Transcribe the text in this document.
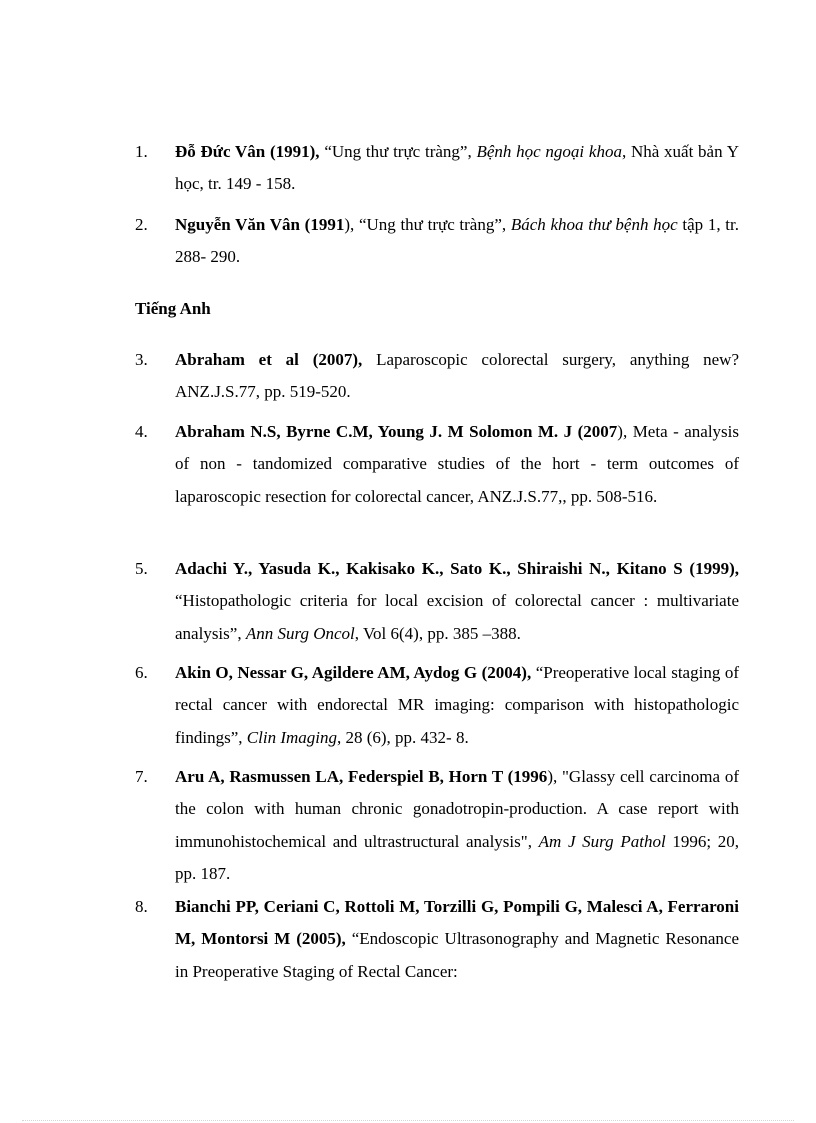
1.	Đỗ Đức Vân (1991), “Ung thư trực tràng”, Bệnh học ngoại khoa, Nhà xuất bản Y học, tr. 149 - 158.
2.	Nguyễn Văn Vân (1991), “Ung thư trực tràng”, Bách khoa thư bệnh học tập 1, tr. 288- 290.
Tiếng Anh
3.	Abraham et al (2007), Laparoscopic colorectal surgery, anything new? ANZ.J.S.77, pp. 519-520.
4.	Abraham N.S, Byrne C.M, Young J. M Solomon M. J (2007), Meta - analysis of non - tandomized comparative studies of the hort - term outcomes of laparoscopic resection for colorectal cancer, ANZ.J.S.77,, pp. 508-516.
5.	Adachi Y., Yasuda K., Kakisako K., Sato K., Shiraishi N., Kitano S (1999), “Histopathologic criteria for local excision of colorectal cancer : multivariate analysis”, Ann Surg Oncol, Vol 6(4), pp. 385 –388.
6.	Akin O, Nessar G, Agildere AM, Aydog G (2004), “Preoperative local staging of rectal cancer with endorectal MR imaging: comparison with histopathologic findings”, Clin Imaging, 28 (6), pp. 432- 8.
7.	Aru A, Rasmussen LA, Federspiel B, Horn T (1996), "Glassy cell carcinoma of the colon with human chronic gonadotropin-production. A case report with immunohistochemical and ultrastructural analysis", Am J Surg Pathol 1996; 20, pp. 187.
8.	Bianchi PP, Ceriani C, Rottoli M, Torzilli G, Pompili G, Malesci A, Ferraroni M, Montorsi M (2005), “Endoscopic Ultrasonography and Magnetic Resonance in Preoperative Staging of Rectal Cancer:
